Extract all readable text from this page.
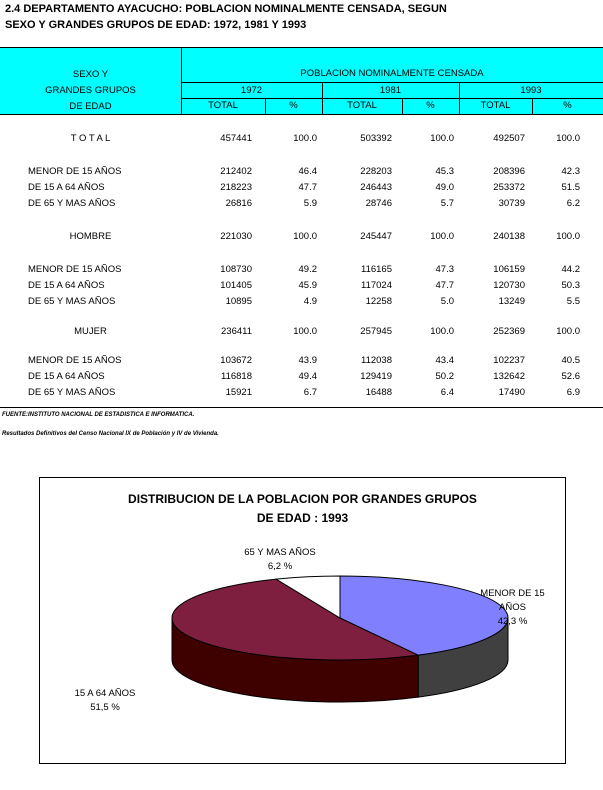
2.4 DEPARTAMENTO AYACUCHO: POBLACION NOMINALMENTE CENSADA, SEGUN
SEXO Y GRANDES GRUPOS DE EDAD: 1972, 1981 Y 1993
SEXO Y
GRANDES GRUPOS
DE EDAD
POBLACION NOMINALMENTE CENSADA
1972	1981	1993
TOTAL	%	TOTAL	%	TOTAL	%
T O T A L	457441	100.0	503392	100.0	492507	100.0
MENOR DE 15 AÑOS	212402	46.4	228203	45.3	208396	42.3
DE 15 A 64 AÑOS	218223	47.7	246443	49.0	253372	51.5
DE 65 Y MAS AÑOS	26816	5.9	28746	5.7	30739	6.2
HOMBRE	221030	100.0	245447	100.0	240138	100.0
MENOR DE 15 AÑOS	108730	49.2	116165	47.3	106159	44.2
DE 15 A 64 AÑOS	101405	45.9	117024	47.7	120730	50.3
DE 65 Y MAS AÑOS	10895	4.9	12258	5.0	13249	5.5
MUJER	236411	100.0	257945	100.0	252369	100.0
MENOR DE 15 AÑOS	103672	43.9	112038	43.4	102237	40.5
DE 15 A 64 AÑOS	116818	49.4	129419	50.2	132642	52.6
DE 65 Y MAS AÑOS	15921	6.7	16488	6.4	17490	6.9
FUENTE:INSTITUTO NACIONAL DE ESTADISTICA E INFORMATICA.
Resultados Definitivos del Censo Nacional IX de Población y IV de Vivienda.
DISTRIBUCION DE LA POBLACION POR GRANDES GRUPOS
DE EDAD : 1993
65 Y MAS AÑOS
6,2 %
MENOR DE 15
AÑOS
42,3 %
15 A 64 AÑOS
51,5 %
